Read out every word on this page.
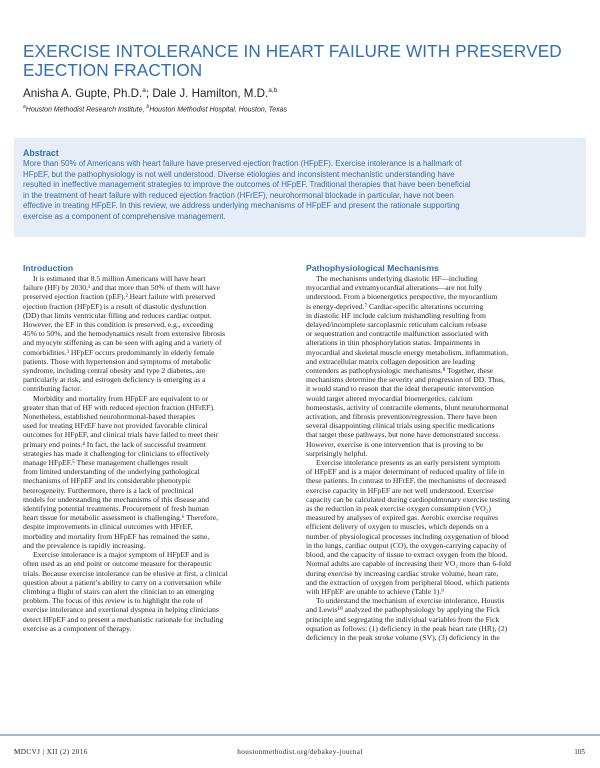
EXERCISE INTOLERANCE IN HEART FAILURE WITH PRESERVED EJECTION FRACTION
Anisha A. Gupte, Ph.D.$^a$; Dale J. Hamilton, M.D.$^{a,b}$
$^a$Houston Methodist Research Institute, $^b$Houston Methodist Hospital, Houston, Texas
Abstract
More than 50% of Americans with heart failure have preserved ejection fraction (HFpEF). Exercise intolerance is a hallmark of
HFpEF, but the pathophysiology is not well understood. Diverse etiologies and inconsistent mechanistic understanding have
resulted in ineffective management strategies to improve the outcomes of HFpEF. Traditional therapies that have been beneficial
in the treatment of heart failure with reduced ejection fraction (HFrEF), neurohormonal blockade in particular, have not been
effective in treating HFpEF. In this review, we address underlying mechanisms of HFpEF and present the rationale supporting
exercise as a component of comprehensive management.
Introduction
It is estimated that 8.5 million Americans will have heart
failure (HF) by 2030,¹ and that more than 50% of them will have
preserved ejection fraction (pEF).² Heart failure with preserved
ejection fraction (HFpEF) is a result of diastolic dysfunction
(DD) that limits ventricular filling and reduces cardiac output.
However, the EF in this condition is preserved, e.g., exceeding
45% to 50%, and the hemodynamics result from extensive fibrosis
and myocyte stiffening as can be seen with aging and a variety of
comorbidities.³ HFpEF occurs predominantly in elderly female
patients. Those with hypertension and symptoms of metabolic
syndrome, including central obesity and type 2 diabetes, are
particularly at risk, and estrogen deficiency is emerging as a
contributing factor.
Morbidity and mortality from HFpEF are equivalent to or
greater than that of HF with reduced ejection fraction (HFrEF).
Nonetheless, established neurohormonal-based therapies
used for treating HFrEF have not provided favorable clinical
outcomes for HFpEF, and clinical trials have failed to meet their
primary end points.⁴ In fact, the lack of successful treatment
strategies has made it challenging for clinicians to effectively
manage HFpEF.⁵ These management challenges result
from limited understanding of the underlying pathological
mechanisms of HFpEF and its considerable phenotypic
heterogeneity. Furthermore, there is a lack of preclinical
models for understanding the mechanisms of this disease and
identifying potential treatments. Procurement of fresh human
heart tissue for metabolic assessment is challenging.⁶ Therefore,
despite improvements in clinical outcomes with HFrEF,
morbidity and mortality from HFpEF has remained the same,
and the prevalence is rapidly increasing.
Exercise intolerance is a major symptom of HFpEF and is
often used as an end point or outcome measure for therapeutic
trials. Because exercise intolerance can be elusive at first, a clinical
question about a patient’s ability to carry on a conversation while
climbing a flight of stairs can alert the clinician to an emerging
problem. The focus of this review is to highlight the role of
exercise intolerance and exertional dyspnea in helping clinicians
detect HFpEF and to present a mechanistic rationale for including
exercise as a component of therapy.
Pathophysiological Mechanisms
The mechanisms underlying diastolic HF—including
myocardial and extramyocardial alterations—are not fully
understood. From a bioenergetics perspective, the myocardium
is energy-deprived.⁷ Cardiac-specific alterations occurring
in diastolic HF include calcium mishandling resulting from
delayed/incomplete sarcoplasmic reticulum calcium release
or sequestration and contractile malfunction associated with
alterations in titin phosphorylation status. Impairments in
myocardial and skeletal muscle energy metabolism, inflammation,
and extracellular matrix collagen deposition are leading
contenders as pathophysiologic mechanisms.⁸ Together, these
mechanisms determine the severity and progression of DD. Thus,
it would stand to reason that the ideal therapeutic intervention
would target altered myocardial bioenergetics, calcium
homeostasis, activity of contractile elements, blunt neurohormonal
activation, and fibrosis prevention/regression. There have been
several disappointing clinical trials using specific medications
that target these pathways, but none have demonstrated success.
However, exercise is one intervention that is proving to be
surprisingly helpful.
Exercise intolerance presents as an early persistent symptom
of HFpEF and is a major determinant of reduced quality of life in
these patients. In contrast to HFrEF, the mechanisms of decreased
exercise capacity in HFpEF are not well understood. Exercise
capacity can be calculated during cardiopulmonary exercise testing
as the reduction in peak exercise oxygen consumption (VO₂)
measured by analyses of expired gas. Aerobic exercise requires
efficient delivery of oxygen to muscles, which depends on a
number of physiological processes including oxygenation of blood
in the lungs, cardiac output (CO), the oxygen-carrying capacity of
blood, and the capacity of tissue to extract oxygen from the blood.
Normal adults are capable of increasing their VO₂ more than 6-fold
during exercise by increasing cardiac stroke volume, heart rate,
and the extraction of oxygen from peripheral blood, which patients
with HFpEF are unable to achieve (Table 1).⁹
To understand the mechanism of exercise intolerance, Houstis
and Lewis¹⁰ analyzed the pathophysiology by applying the Fick
principle and segregating the individual variables from the Fick
equation as follows: (1) deficiency in the peak heart rate (HR), (2)
deficiency in the peak stroke volume (SV), (3) deficiency in the
MDCVJ | XII (2) 2016	houstonmethodist.org/debakey-journal	105
